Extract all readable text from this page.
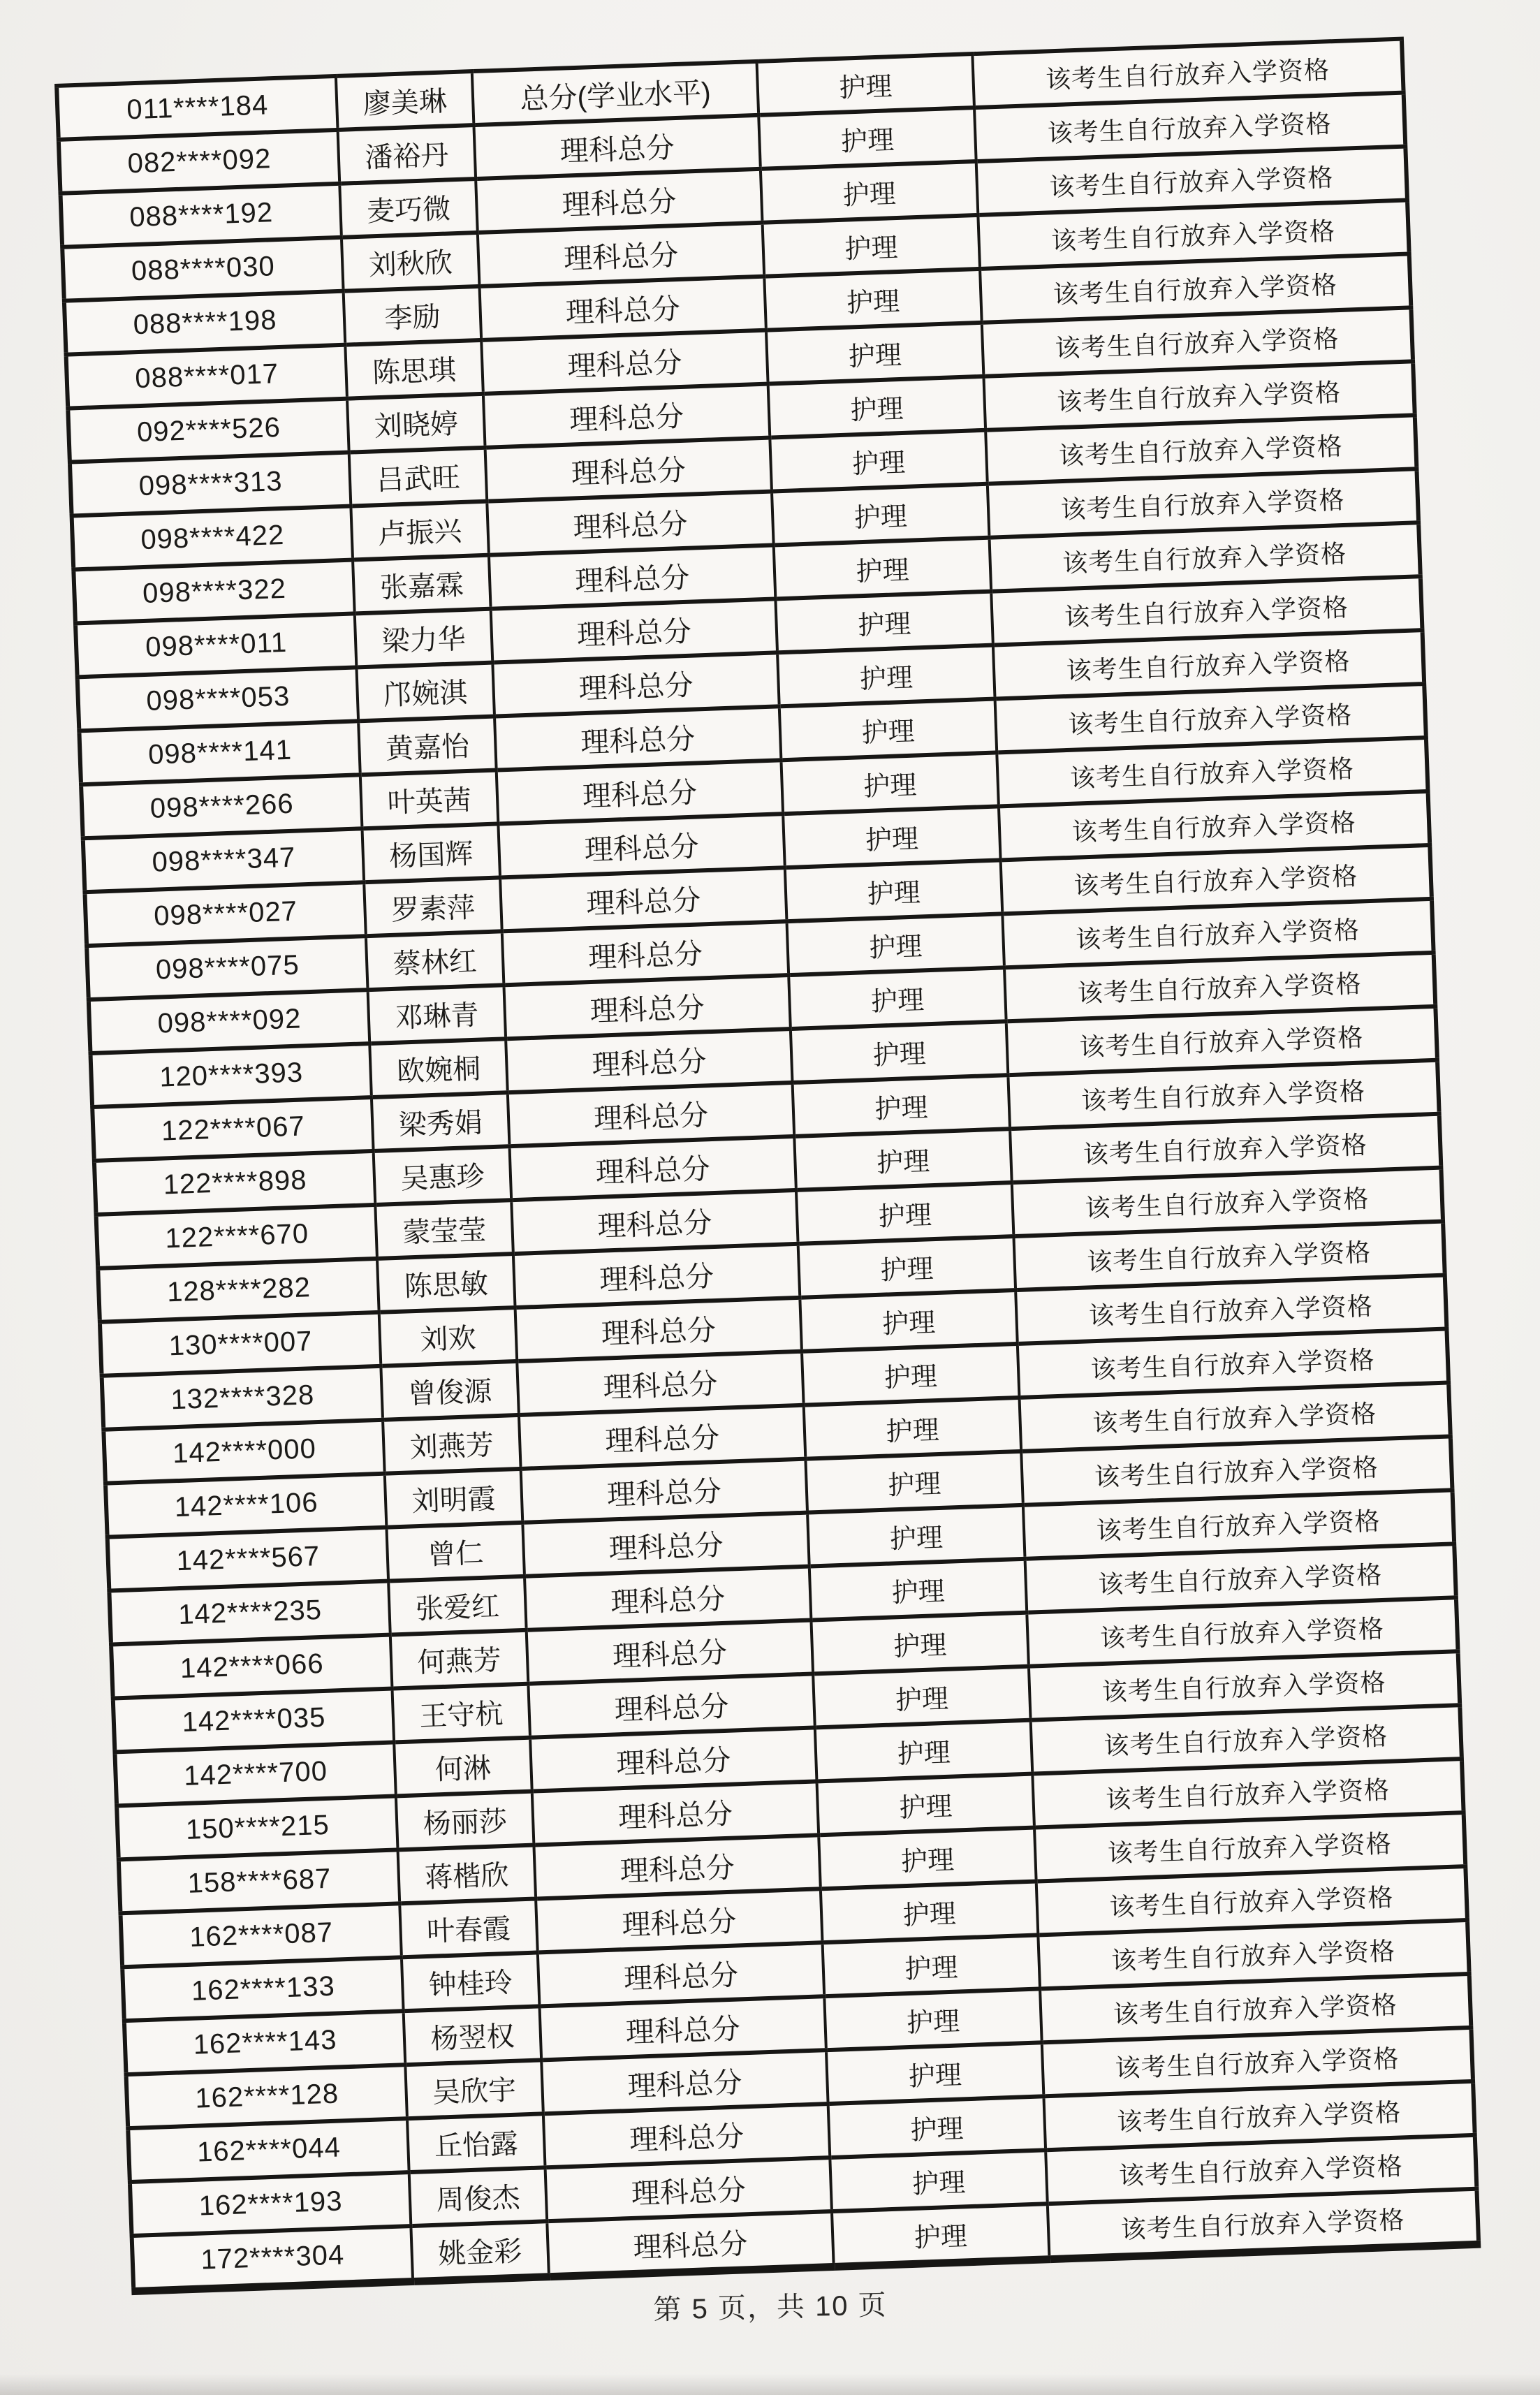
011****184	廖美琳	总分(学业水平)	护理	该考生自行放弃入学资格
082****092	潘裕丹	理科总分	护理	该考生自行放弃入学资格
088****192	麦巧微	理科总分	护理	该考生自行放弃入学资格
088****030	刘秋欣	理科总分	护理	该考生自行放弃入学资格
088****198	李励	理科总分	护理	该考生自行放弃入学资格
088****017	陈思琪	理科总分	护理	该考生自行放弃入学资格
092****526	刘晓婷	理科总分	护理	该考生自行放弃入学资格
098****313	吕武旺	理科总分	护理	该考生自行放弃入学资格
098****422	卢振兴	理科总分	护理	该考生自行放弃入学资格
098****322	张嘉霖	理科总分	护理	该考生自行放弃入学资格
098****011	梁力华	理科总分	护理	该考生自行放弃入学资格
098****053	邝婉淇	理科总分	护理	该考生自行放弃入学资格
098****141	黄嘉怡	理科总分	护理	该考生自行放弃入学资格
098****266	叶英茜	理科总分	护理	该考生自行放弃入学资格
098****347	杨国辉	理科总分	护理	该考生自行放弃入学资格
098****027	罗素萍	理科总分	护理	该考生自行放弃入学资格
098****075	蔡林红	理科总分	护理	该考生自行放弃入学资格
098****092	邓琳青	理科总分	护理	该考生自行放弃入学资格
120****393	欧婉桐	理科总分	护理	该考生自行放弃入学资格
122****067	梁秀娟	理科总分	护理	该考生自行放弃入学资格
122****898	吴惠珍	理科总分	护理	该考生自行放弃入学资格
122****670	蒙莹莹	理科总分	护理	该考生自行放弃入学资格
128****282	陈思敏	理科总分	护理	该考生自行放弃入学资格
130****007	刘欢	理科总分	护理	该考生自行放弃入学资格
132****328	曾俊源	理科总分	护理	该考生自行放弃入学资格
142****000	刘燕芳	理科总分	护理	该考生自行放弃入学资格
142****106	刘明霞	理科总分	护理	该考生自行放弃入学资格
142****567	曾仁	理科总分	护理	该考生自行放弃入学资格
142****235	张爱红	理科总分	护理	该考生自行放弃入学资格
142****066	何燕芳	理科总分	护理	该考生自行放弃入学资格
142****035	王守杭	理科总分	护理	该考生自行放弃入学资格
142****700	何淋	理科总分	护理	该考生自行放弃入学资格
150****215	杨丽莎	理科总分	护理	该考生自行放弃入学资格
158****687	蒋楷欣	理科总分	护理	该考生自行放弃入学资格
162****087	叶春霞	理科总分	护理	该考生自行放弃入学资格
162****133	钟桂玲	理科总分	护理	该考生自行放弃入学资格
162****143	杨翌权	理科总分	护理	该考生自行放弃入学资格
162****128	吴欣宇	理科总分	护理	该考生自行放弃入学资格
162****044	丘怡露	理科总分	护理	该考生自行放弃入学资格
162****193	周俊杰	理科总分	护理	该考生自行放弃入学资格
172****304	姚金彩	理科总分	护理	该考生自行放弃入学资格
第 5 页，共 10 页
